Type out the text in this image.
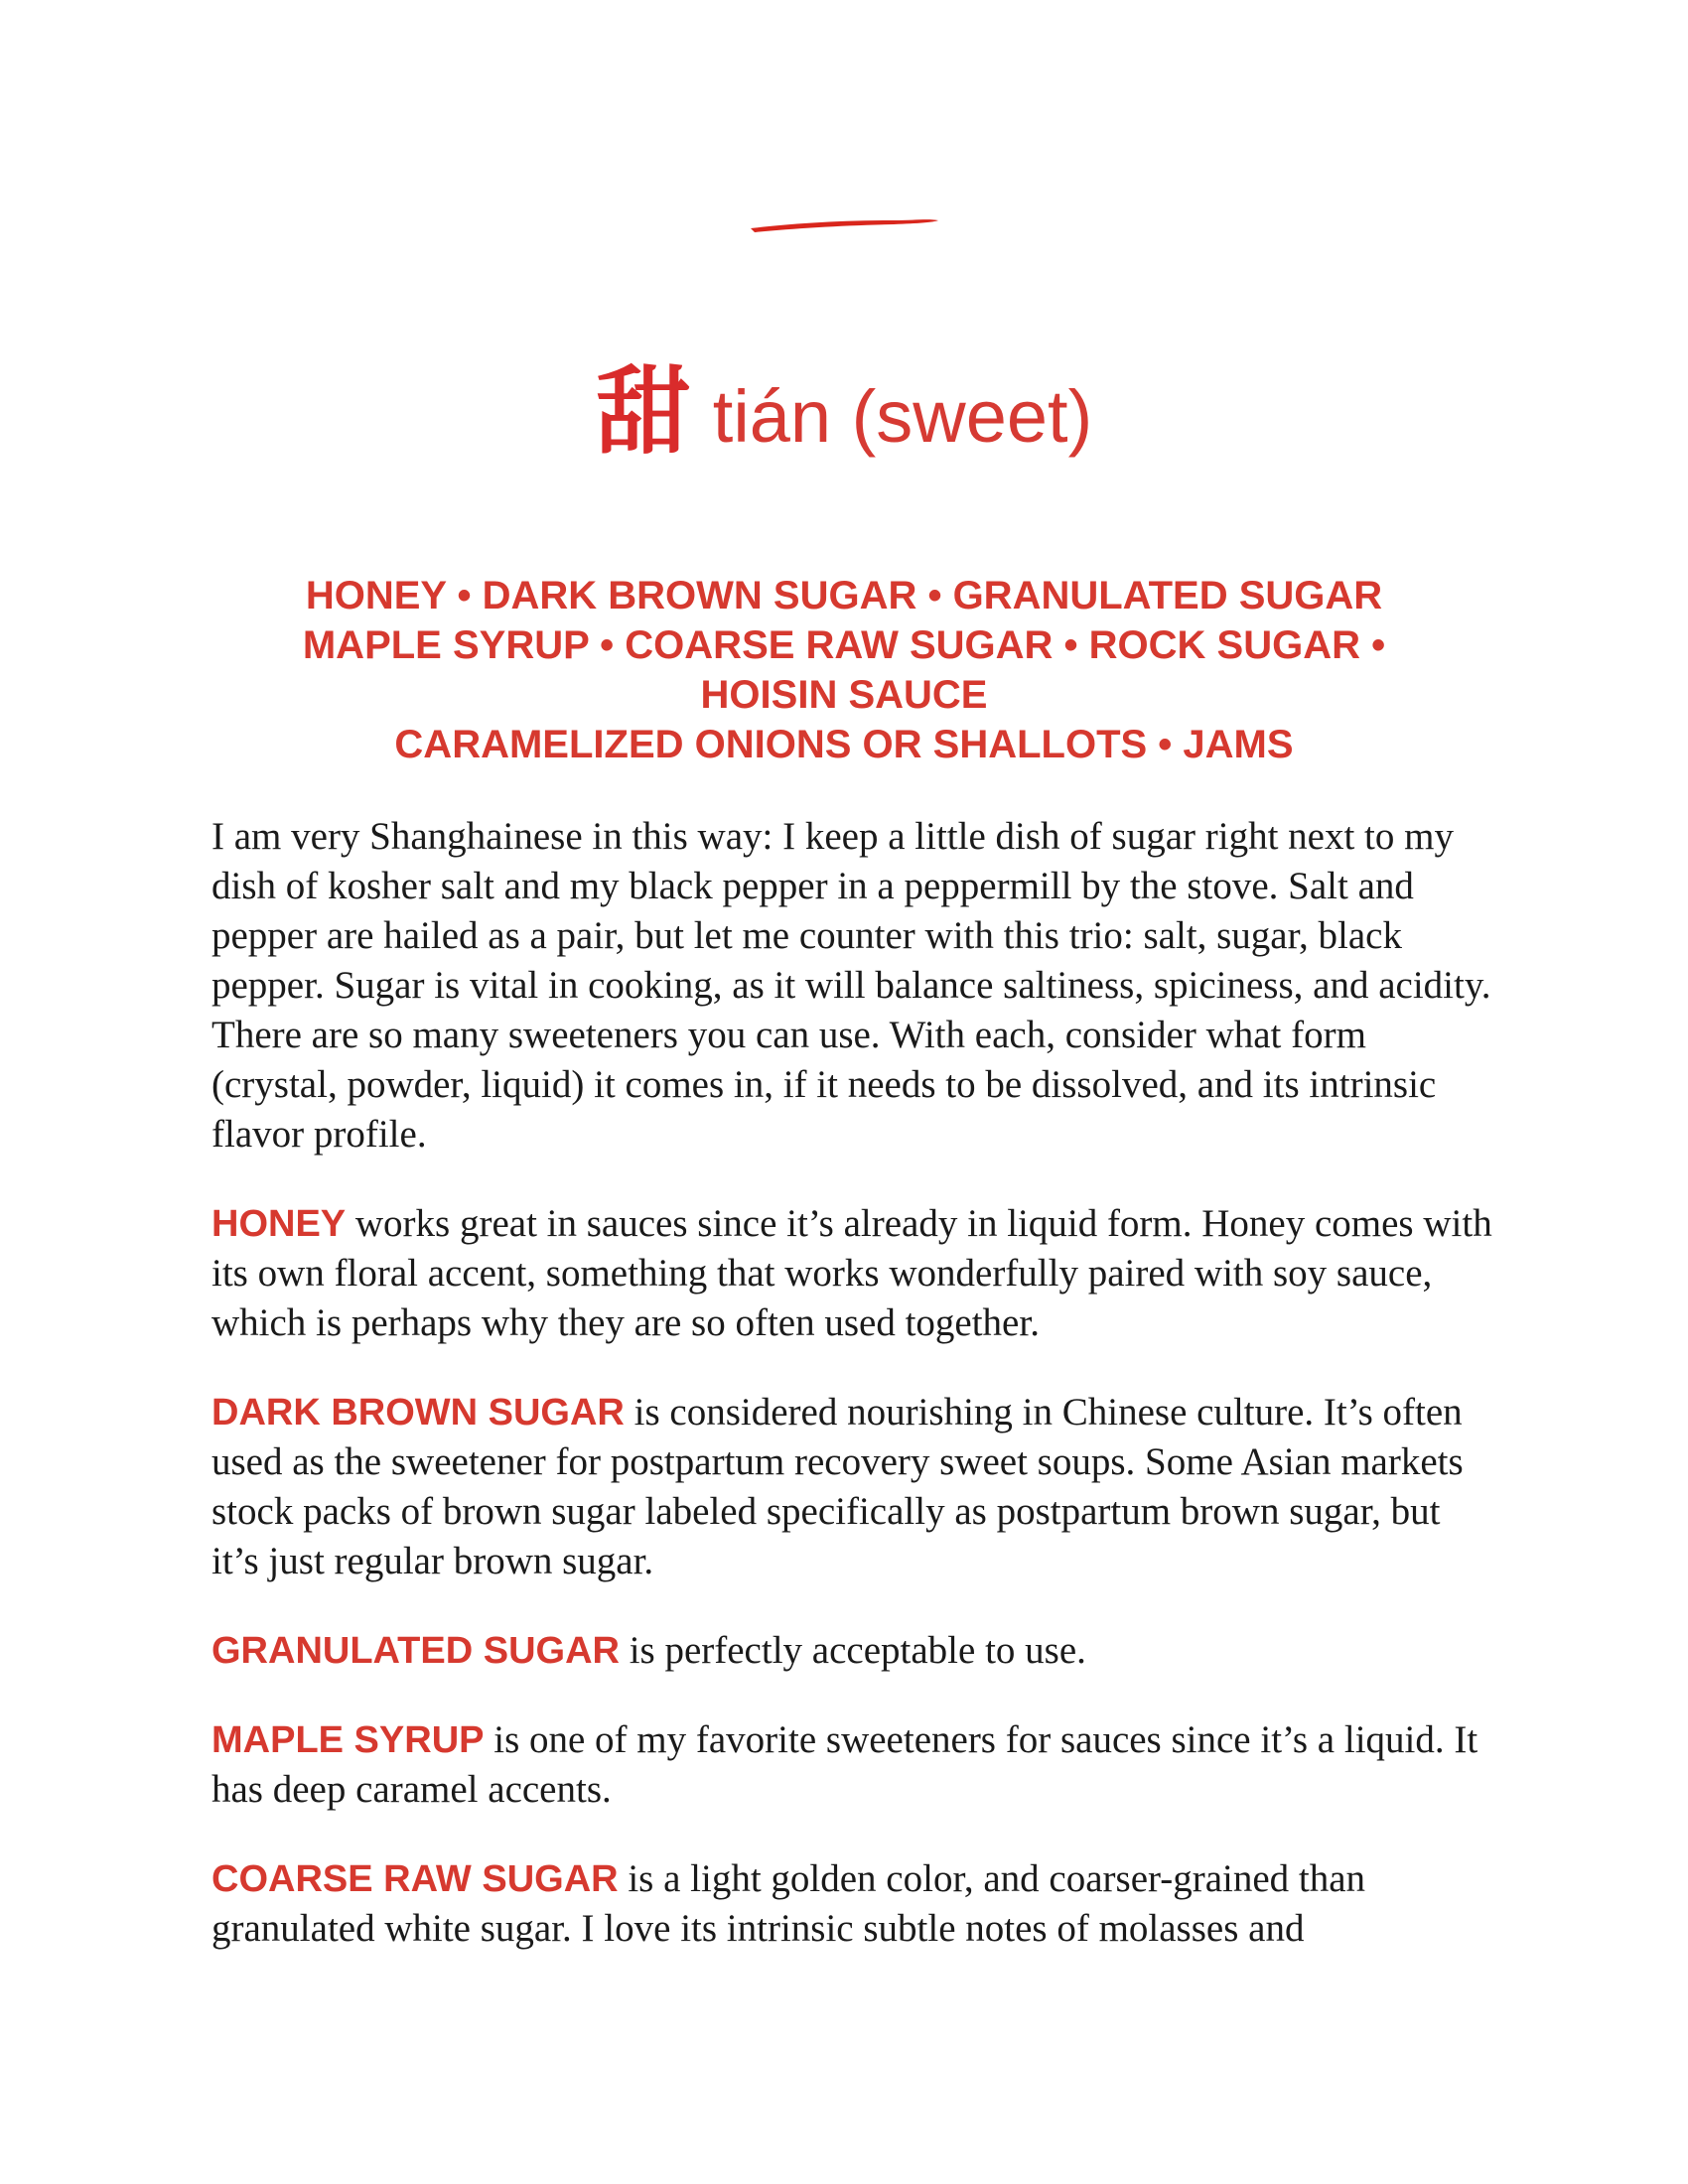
甜 tián (sweet)
HONEY • DARK BROWN SUGAR • GRANULATED SUGAR
MAPLE SYRUP • COARSE RAW SUGAR • ROCK SUGAR •
HOISIN SAUCE
CARAMELIZED ONIONS OR SHALLOTS • JAMS

I am very Shanghainese in this way: I keep a little dish of sugar right next to my dish of kosher salt and my black pepper in a peppermill by the stove. Salt and pepper are hailed as a pair, but let me counter with this trio: salt, sugar, black pepper. Sugar is vital in cooking, as it will balance saltiness, spiciness, and acidity. There are so many sweeteners you can use. With each, consider what form (crystal, powder, liquid) it comes in, if it needs to be dissolved, and its intrinsic flavor profile.

HONEY works great in sauces since it’s already in liquid form. Honey comes with its own floral accent, something that works wonderfully paired with soy sauce, which is perhaps why they are so often used together.

DARK BROWN SUGAR is considered nourishing in Chinese culture. It’s often used as the sweetener for postpartum recovery sweet soups. Some Asian markets stock packs of brown sugar labeled specifically as postpartum brown sugar, but it’s just regular brown sugar.

GRANULATED SUGAR is perfectly acceptable to use.

MAPLE SYRUP is one of my favorite sweeteners for sauces since it’s a liquid. It has deep caramel accents.

COARSE RAW SUGAR is a light golden color, and coarser-grained than granulated white sugar. I love its intrinsic subtle notes of molasses and
